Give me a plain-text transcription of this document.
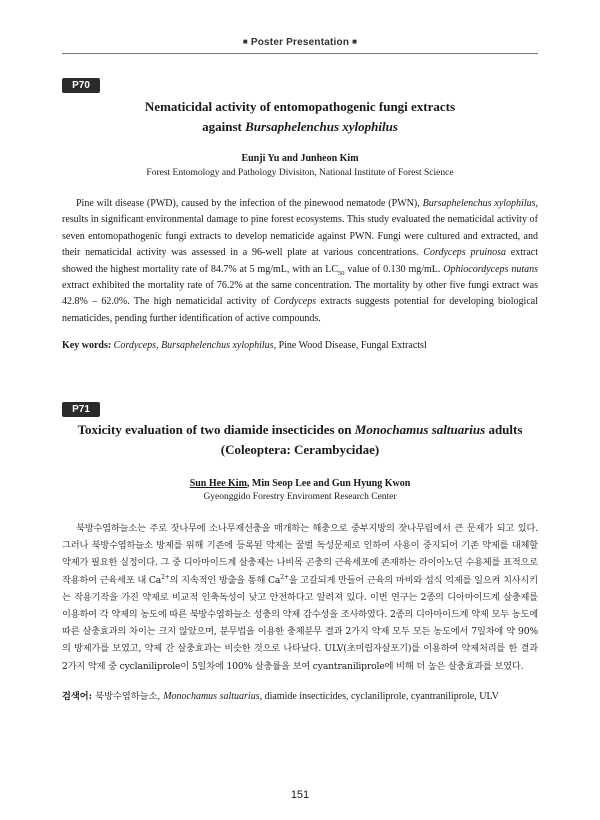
■ Poster Presentation ■
P70
Nematicidal activity of entomopathogenic fungi extracts
against Bursaphelenchus xylophilus
Eunji Yu and Junheon Kim
Forest Entomology and Pathology Divisiton, National Institute of Forest Science

Pine wilt disease (PWD), caused by the infection of the pinewood nematode (PWN), Bursaphelenchus xylophilus, results in significant environmental damage to pine forest ecosystems. This study evaluated the nematicidal activity of seven entomopathogenic fungi extracts to develop nematicide against PWN. Fungi were cultured and extracted, and their nematicidal activity was assessed in a 96-well plate at various concentrations. Cordyceps pruinosa extract showed the highest mortality rate of 84.7% at 5 mg/mL, with an $LC_{50}$ value of 0.130 mg/mL. Ophiocordyceps nutans extract exhibited the mortality rate of 76.2% at the same concentration. The mortality by other five fungi extract was 42.8% – 62.0%. The high nematicidal activity of Cordyceps extracts suggests potential for developing biological nematicides, pending further identification of active compounds.

Key words: Cordyceps, Bursaphelenchus xylophilus, Pine Wood Disease, Fungal Extractsl
P71
Toxicity evaluation of two diamide insecticides on Monochamus saltuarius adults
(Coleoptera: Cerambycidae)
Sun Hee Kim, Min Seop Lee and Gun Hyung Kwon
Gyeonggido Forestry Enviroment Research Center

북방수염하늘소는 주로 잣나무에 소나무재선충을 매개하는 해충으로 중부지방의 잣나무림에서 큰 문제가 되고 있다. 그러나 북방수염하늘소 방제를 위해 기존에 등록된 약제는 꿀벌 독성문제로 인하여 사용이 중지되어 기존 약제를 대체할 약제가 필요한 실정이다. 그 중 디아마이드계 살충제는 나비목 곤충의 근육세포에 존재하는 라이아노딘 수용체를 표적으로 작용하여 근육세포 내 $Ca^{2+}$의 지속적인 방출을 통해 $Ca^{2+}$을 고갈되게 만들어 근육의 마비와 섭식 억제를 일으켜 치사시키는 작용기작을 가진 약제로 비교적 인축독성이 낮고 안전하다고 알려져 있다. 이번 연구는 2종의 디아마이드계 살충제를 이용하여 각 약제의 농도에 따른 북방수염하늘소 성충의 약제 감수성을 조사하였다. 2종의 디아마이드계 약제 모두 농도에 따른 살충효과의 차이는 크지 않았으며, 분무법을 이용한 충체분무 결과 2가지 약제 모두 모든 농도에서 7일차에 약 90%의 방제가를 보였고, 약제 간 살충효과는 비슷한 것으로 나타났다. ULV(초미립자살포기)를 이용하여 약제처리를 한 결과 2가지 약제 중 cyclaniliprole이 5일차에 100% 살충률을 보여 cyantraniliprole에 비해 더 높은 살충효과를 보였다.

검색어: 북방수염하늘소, Monochamus saltuarius, diamide insecticides, cyclaniliprole, cyantraniliprole, ULV
151
